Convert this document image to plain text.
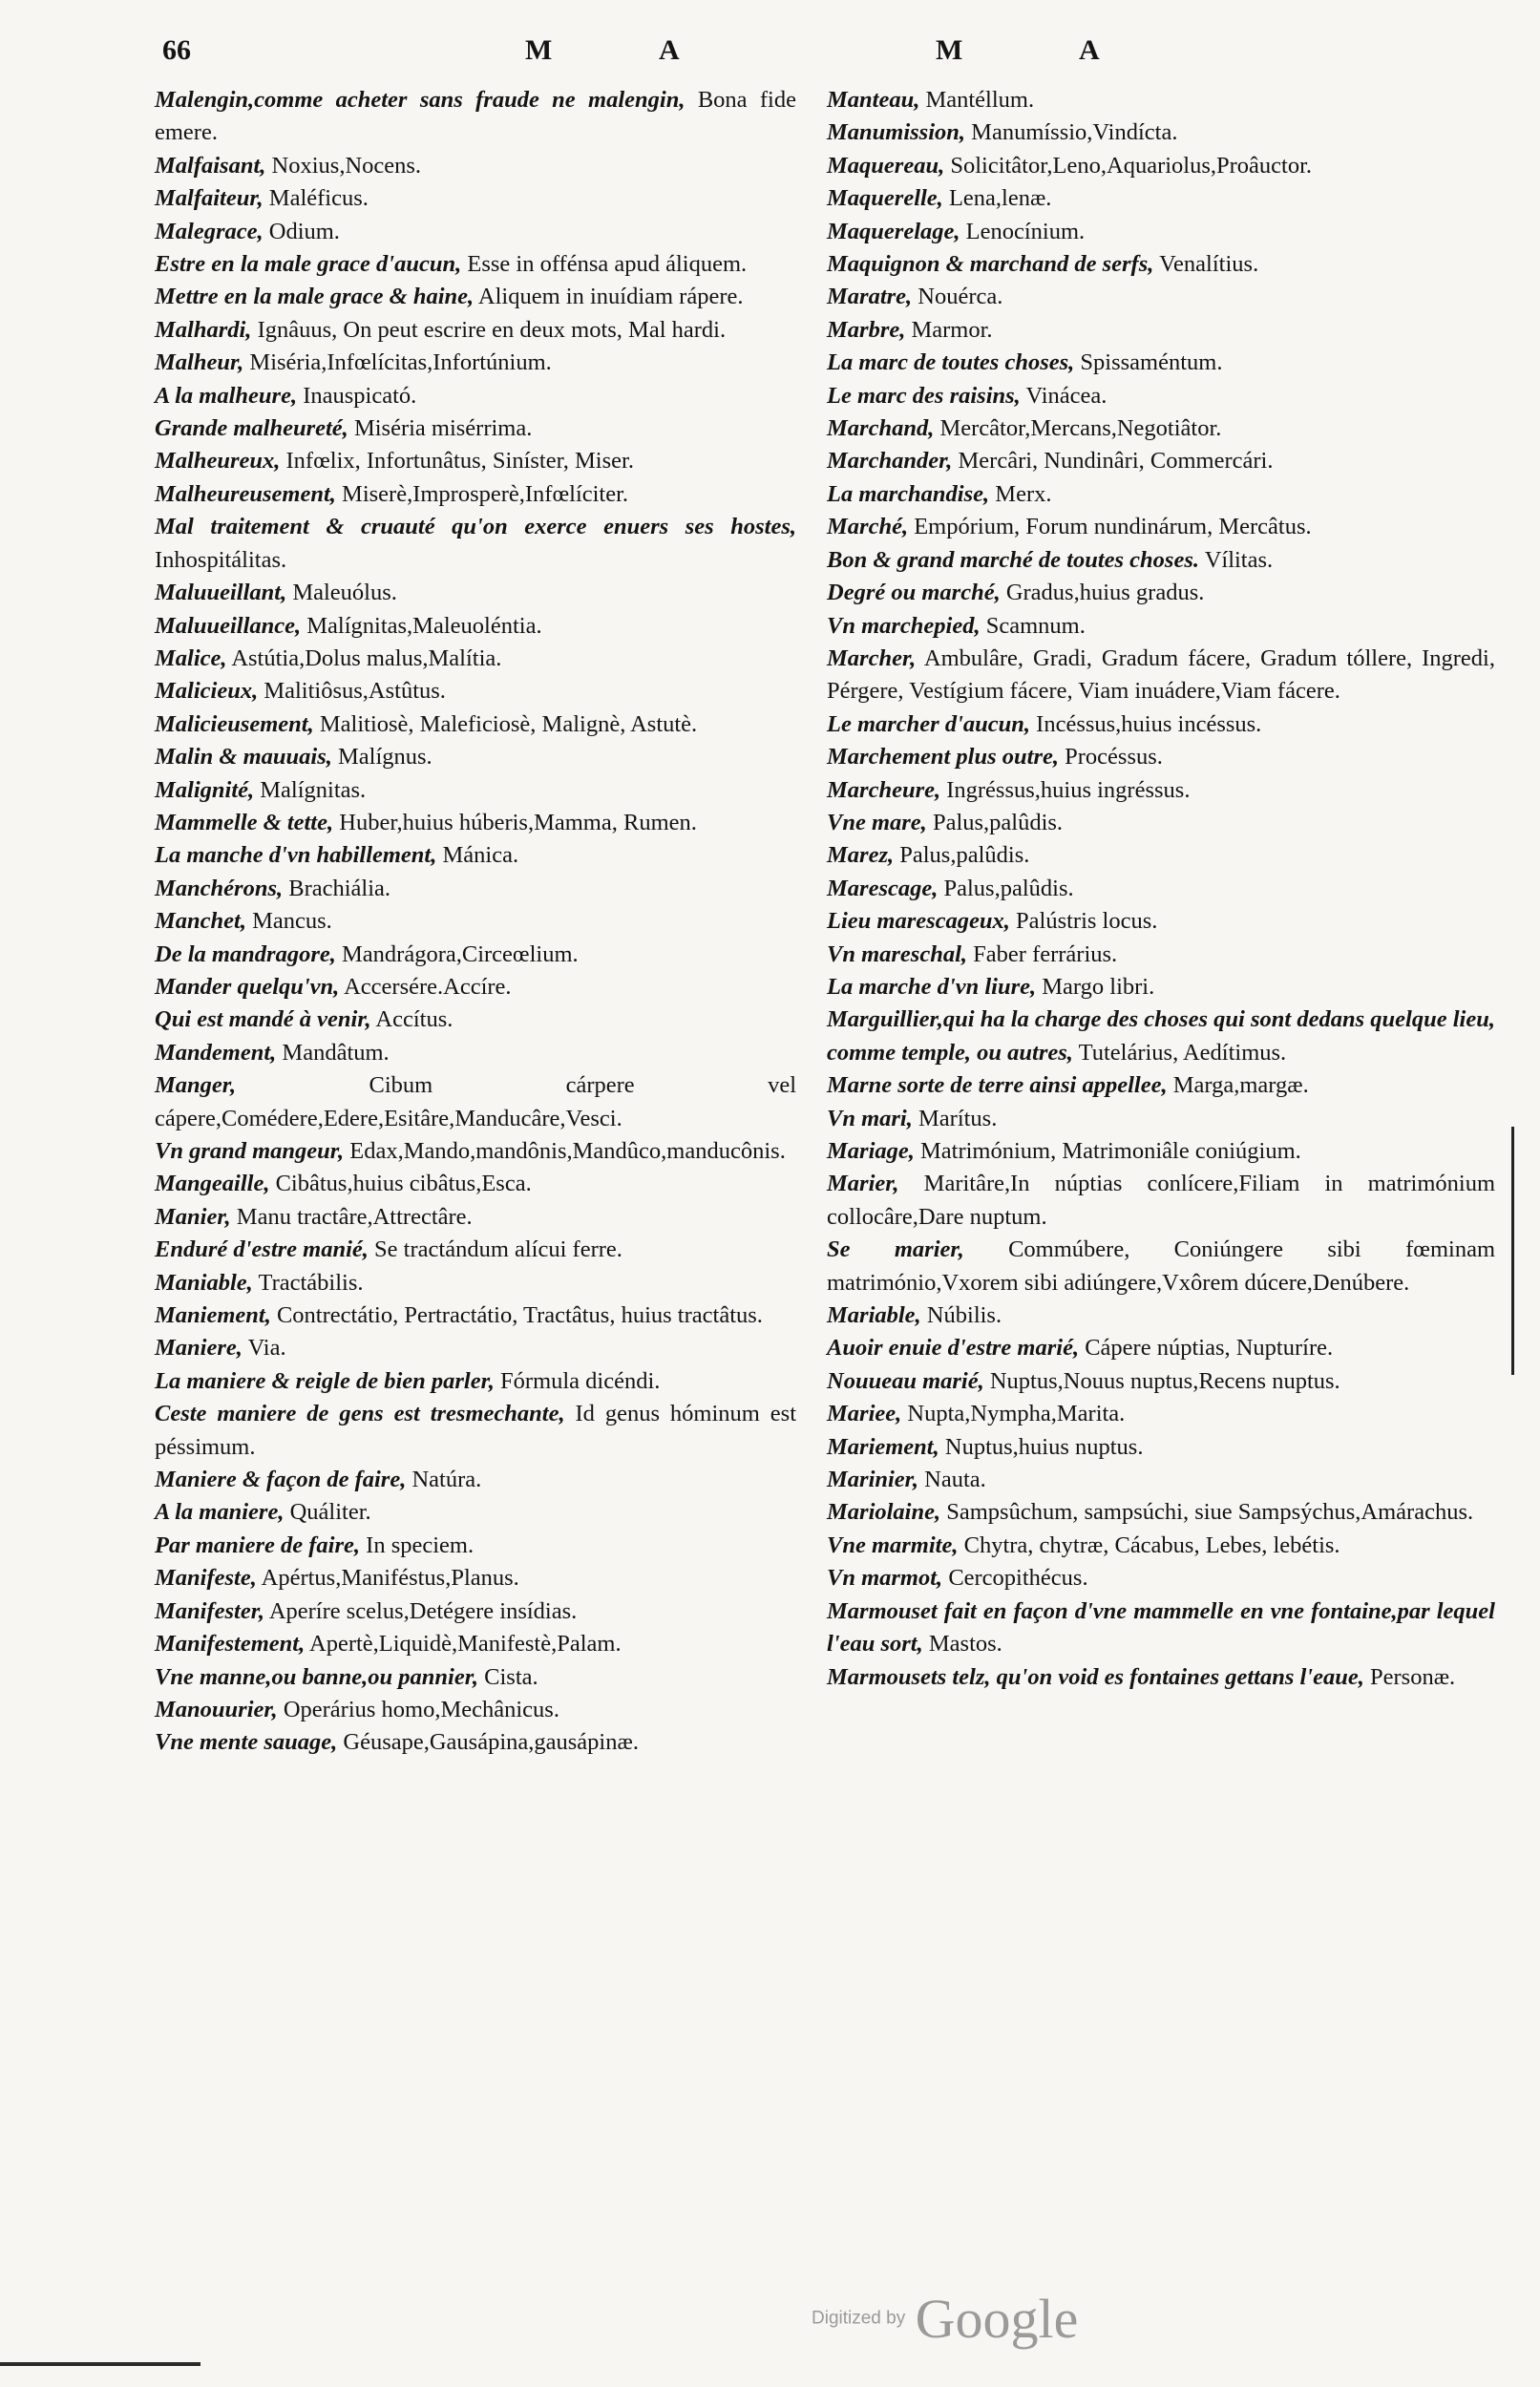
66	M	A	M	A

Malengin,comme acheter sans fraude ne malengin, Bona fide emere.

Malfaisant, Noxius,Nocens.

Malfaiteur, Maléficus.

Malegrace, Odium.

Estre en la male grace d'aucun, Esse in offénsa apud áliquem.

Mettre en la male grace & haine, Aliquem in inuídiam rápere.

Malhardi, Ignâuus, On peut escrire en deux mots, Mal hardi.

Malheur, Miséria,Infœlícitas,Infortúnium.

A la malheure, Inauspicató.

Grande malheureté, Miséria misérrima.

Malheureux, Infœlix, Infortunâtus, Siníster, Miser.

Malheureusement, Miserè,Improsperè,Infœlíciter.

Mal traitement & cruauté qu'on exerce enuers ses hostes, Inhospitálitas.

Maluueillant, Maleuólus.

Maluueillance, Malígnitas,Maleuoléntia.

Malice, Astútia,Dolus malus,Malítia.

Malicieux, Malitiôsus,Astûtus.

Malicieusement, Malitiosè, Maleficiosè, Malignè, Astutè.

Malin & mauuais, Malígnus.

Malignité, Malígnitas.

Mammelle & tette, Huber,huius húberis,Mamma, Rumen.

La manche d'vn habillement, Mánica.

Manchérons, Brachiália.

Manchet, Mancus.

De la mandragore, Mandrágora,Circeœlium.

Mander quelqu'vn, Accersére.Accíre.

Qui est mandé à venir, Accítus.

Mandement, Mandâtum.

Manger,	Cibum cárpere vel cápere,Comédere,Edere,Esitâre,Manducâre,Vesci.

Vn grand mangeur, Edax,Mando,mandônis,Mandûco,manducônis.

Mangeaille, Cibâtus,huius cibâtus,Esca.

Manier, Manu tractâre,Attrectâre.

Enduré d'estre manié, Se tractándum alícui ferre.

Maniable, Tractábilis.

Maniement, Contrectátio, Pertractátio, Tractâtus, huius tractâtus.

Maniere, Via.

La maniere & reigle de bien parler, Fórmula dicéndi.

Ceste maniere de gens est tresmechante, Id genus hóminum est péssimum.

Maniere & façon de faire, Natúra.

A la maniere, Quáliter.

Par maniere de faire, In speciem.

Manifeste, Apértus,Maniféstus,Planus.

Manifester, Aperíre scelus,Detégere insídias.

Manifestement, Apertè,Liquidè,Manifestè,Palam.

Vne manne,ou banne,ou pannier, Cista.

Manouurier, Operárius homo,Mechânicus.

Vne mente sauage, Géusape,Gausápina,gausápinæ.

Manteau, Mantéllum.

Manumission, Manumíssio,Vindícta.

Maquereau, Solicitâtor,Leno,Aquariolus,Proâuctor.

Maquerelle, Lena,lenæ.

Maquerelage, Lenocínium.

Maquignon & marchand de serfs, Venalítius.

Maratre, Nouérca.

Marbre, Marmor.

La marc de toutes choses, Spissaméntum.

Le marc des raisins, Vinácea.

Marchand, Mercâtor,Mercans,Negotiâtor.

Marchander, Mercâri, Nundinâri, Commercári.

La marchandise, Merx.

Marché, Empórium, Forum nundinárum, Mercâtus.

Bon & grand marché de toutes choses. Vílitas.

Degré ou marché, Gradus,huius gradus.

Vn marchepied, Scamnum.

Marcher, Ambulâre, Gradi, Gradum fácere, Gradum tóllere, Ingredi, Pérgere, Vestígium fácere, Viam inuádere,Viam fácere.

Le marcher d'aucun, Incéssus,huius incéssus.

Marchement plus outre, Procéssus.

Marcheure, Ingréssus,huius ingréssus.

Vne mare, Palus,palûdis.

Marez, Palus,palûdis.

Marescage, Palus,palûdis.

Lieu marescageux, Palústris locus.

Vn mareschal, Faber ferrárius.

La marche d'vn liure, Margo libri.

Marguillier,qui ha la charge des choses qui sont dedans quelque lieu, comme temple, ou autres, Tutelárius, Aedítimus.

Marne sorte de terre ainsi appellee, Marga,margæ.

Vn mari, Marítus.

Mariage, Matrimónium, Matrimoniâle coniúgium.

Marier, Maritâre,In núptias conlícere,Filiam in matrimónium collocâre,Dare nuptum.

Se marier, Commúbere, Coniúngere sibi fœminam matrimónio,Vxorem sibi adiúngere,Vxôrem dúcere,Denúbere.

Mariable, Núbilis.

Auoir enuie d'estre marié, Cápere núptias, Nupturíre.

Nouueau marié, Nuptus,Nouus nuptus,Recens nuptus.

Mariee, Nupta,Nympha,Marita.

Mariement, Nuptus,huius nuptus.

Marinier, Nauta.

Mariolaine, Sampsûchum, sampsúchi, siue Sampsýchus,Amárachus.

Vne marmite, Chytra, chytræ, Cácabus, Lebes, lebétis.

Vn marmot, Cercopithécus.

Marmouset fait en façon d'vne mammelle en vne fontaine,par lequel l'eau sort, Mastos.

Marmousets telz, qu'on void es fontaines gettans l'eaue, Personæ.

Digitized by Google
